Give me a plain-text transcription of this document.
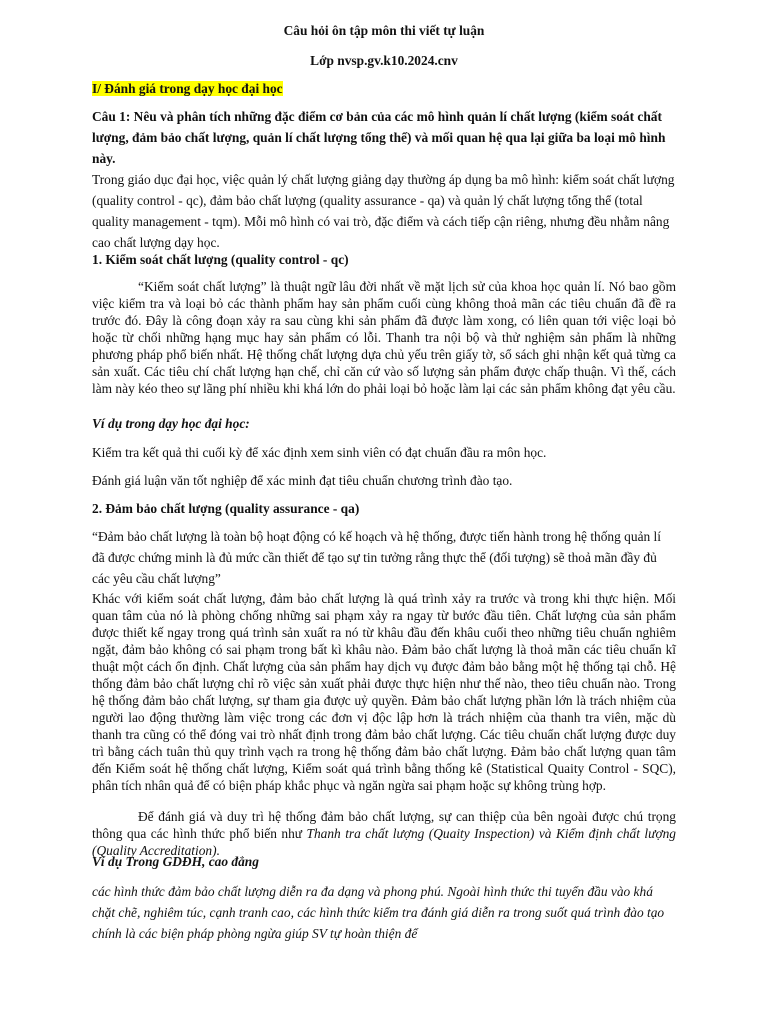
Câu hỏi ôn tập môn thi viết tự luận
Lớp nvsp.gv.k10.2024.cnv
I/ Đánh giá trong dạy học đại học
Câu 1: Nêu và phân tích những đặc điểm cơ bản của các mô hình quản lí chất lượng (kiểm soát chất lượng, đảm bảo chất lượng, quản lí chất lượng tổng thể) và mối quan hệ qua lại giữa ba loại mô hình này.
Trong giáo dục đại học, việc quản lý chất lượng giảng dạy thường áp dụng ba mô hình: kiểm soát chất lượng (quality control - qc), đảm bảo chất lượng (quality assurance - qa) và quản lý chất lượng tổng thể (total quality management - tqm). Mỗi mô hình có vai trò, đặc điểm và cách tiếp cận riêng, nhưng đều nhằm nâng cao chất lượng dạy học.
1. Kiểm soát chất lượng (quality control - qc)
“Kiểm soát chất lượng” là thuật ngữ lâu đời nhất về mặt lịch sử của khoa học quản lí. Nó bao gồm việc kiểm tra và loại bỏ các thành phẩm hay sản phẩm cuối cùng không thoả mãn các tiêu chuẩn đã đề ra trước đó. Đây là công đoạn xảy ra sau cùng khi sản phẩm đã được làm xong, có liên quan tới việc loại bỏ hoặc từ chối những hạng mục hay sản phẩm có lỗi. Thanh tra nội bộ và thử nghiệm sản phẩm là những phương pháp phổ biến nhất. Hệ thống chất lượng dựa chủ yếu trên giấy tờ, sổ sách ghi nhận kết quả từng ca sản xuất. Các tiêu chí chất lượng hạn chế, chỉ căn cứ vào số lượng sản phẩm được chấp thuận. Vì thế, cách làm này kéo theo sự lãng phí nhiều khi khá lớn do phải loại bỏ hoặc làm lại các sản phẩm không đạt yêu cầu.
Ví dụ trong dạy học đại học:
Kiểm tra kết quả thi cuối kỳ để xác định xem sinh viên có đạt chuẩn đầu ra môn học.
Đánh giá luận văn tốt nghiệp để xác minh đạt tiêu chuẩn chương trình đào tạo.
2. Đảm bảo chất lượng (quality assurance - qa)
“Đảm bảo chất lượng là toàn bộ hoạt động có kế hoạch và hệ thống, được tiến hành trong hệ thống quản lí đã được chứng minh là đủ mức cần thiết để tạo sự tin tưởng rằng thực thể (đối tượng) sẽ thoả mãn đầy đủ các yêu cầu chất lượng”
Khác với kiểm soát chất lượng, đảm bảo chất lượng là quá trình xảy ra trước và trong khi thực hiện. Mối quan tâm của nó là phòng chống những sai phạm xảy ra ngay từ bước đầu tiên. Chất lượng của sản phẩm được thiết kế ngay trong quá trình sản xuất ra nó từ khâu đầu đến khâu cuối theo những tiêu chuẩn nghiêm ngặt, đảm bảo không có sai phạm trong bất kì khâu nào. Đảm bảo chất lượng là thoả mãn các tiêu chuẩn kĩ thuật một cách ổn định. Chất lượng của sản phẩm hay dịch vụ được đảm bảo bằng một hệ thống tại chỗ. Hệ thống đảm bảo chất lượng chỉ rõ việc sản xuất phải được thực hiện như thế nào, theo tiêu chuẩn nào. Trong hệ thống đảm bảo chất lượng, sự tham gia được uỷ quyền. Đảm bảo chất lượng phần lớn là trách nhiệm của người lao động thường làm việc trong các đơn vị độc lập hơn là trách nhiệm của thanh tra viên, mặc dù thanh tra cũng có thể đóng vai trò nhất định trong đảm bảo chất lượng. Các tiêu chuẩn chất lượng được duy trì bằng cách tuân thủ quy trình vạch ra trong hệ thống đảm bảo chất lượng. Đảm bảo chất lượng quan tâm đến Kiểm soát hệ thống chất lượng, Kiểm soát quá trình bằng thống kê (Statistical Quaity Control - SQC), phân tích nhân quả để có biện pháp khắc phục và ngăn ngừa sai phạm hoặc sự không trùng hợp.
Để đánh giá và duy trì hệ thống đảm bảo chất lượng, sự can thiệp của bên ngoài được chú trọng thông qua các hình thức phổ biến như Thanh tra chất lượng (Quaity Inspection) và Kiểm định chất lượng (Quality Accreditation).
Ví dụ Trong GDĐH, cao đẳng
các hình thức đảm bảo chất lượng diễn ra đa dạng và phong phú. Ngoài hình thức thi tuyển đầu vào khá chặt chẽ, nghiêm túc, cạnh tranh cao, các hình thức kiểm tra đánh giá diễn ra trong suốt quá trình đào tạo chính là các biện pháp phòng ngừa giúp SV tự hoàn thiện để
